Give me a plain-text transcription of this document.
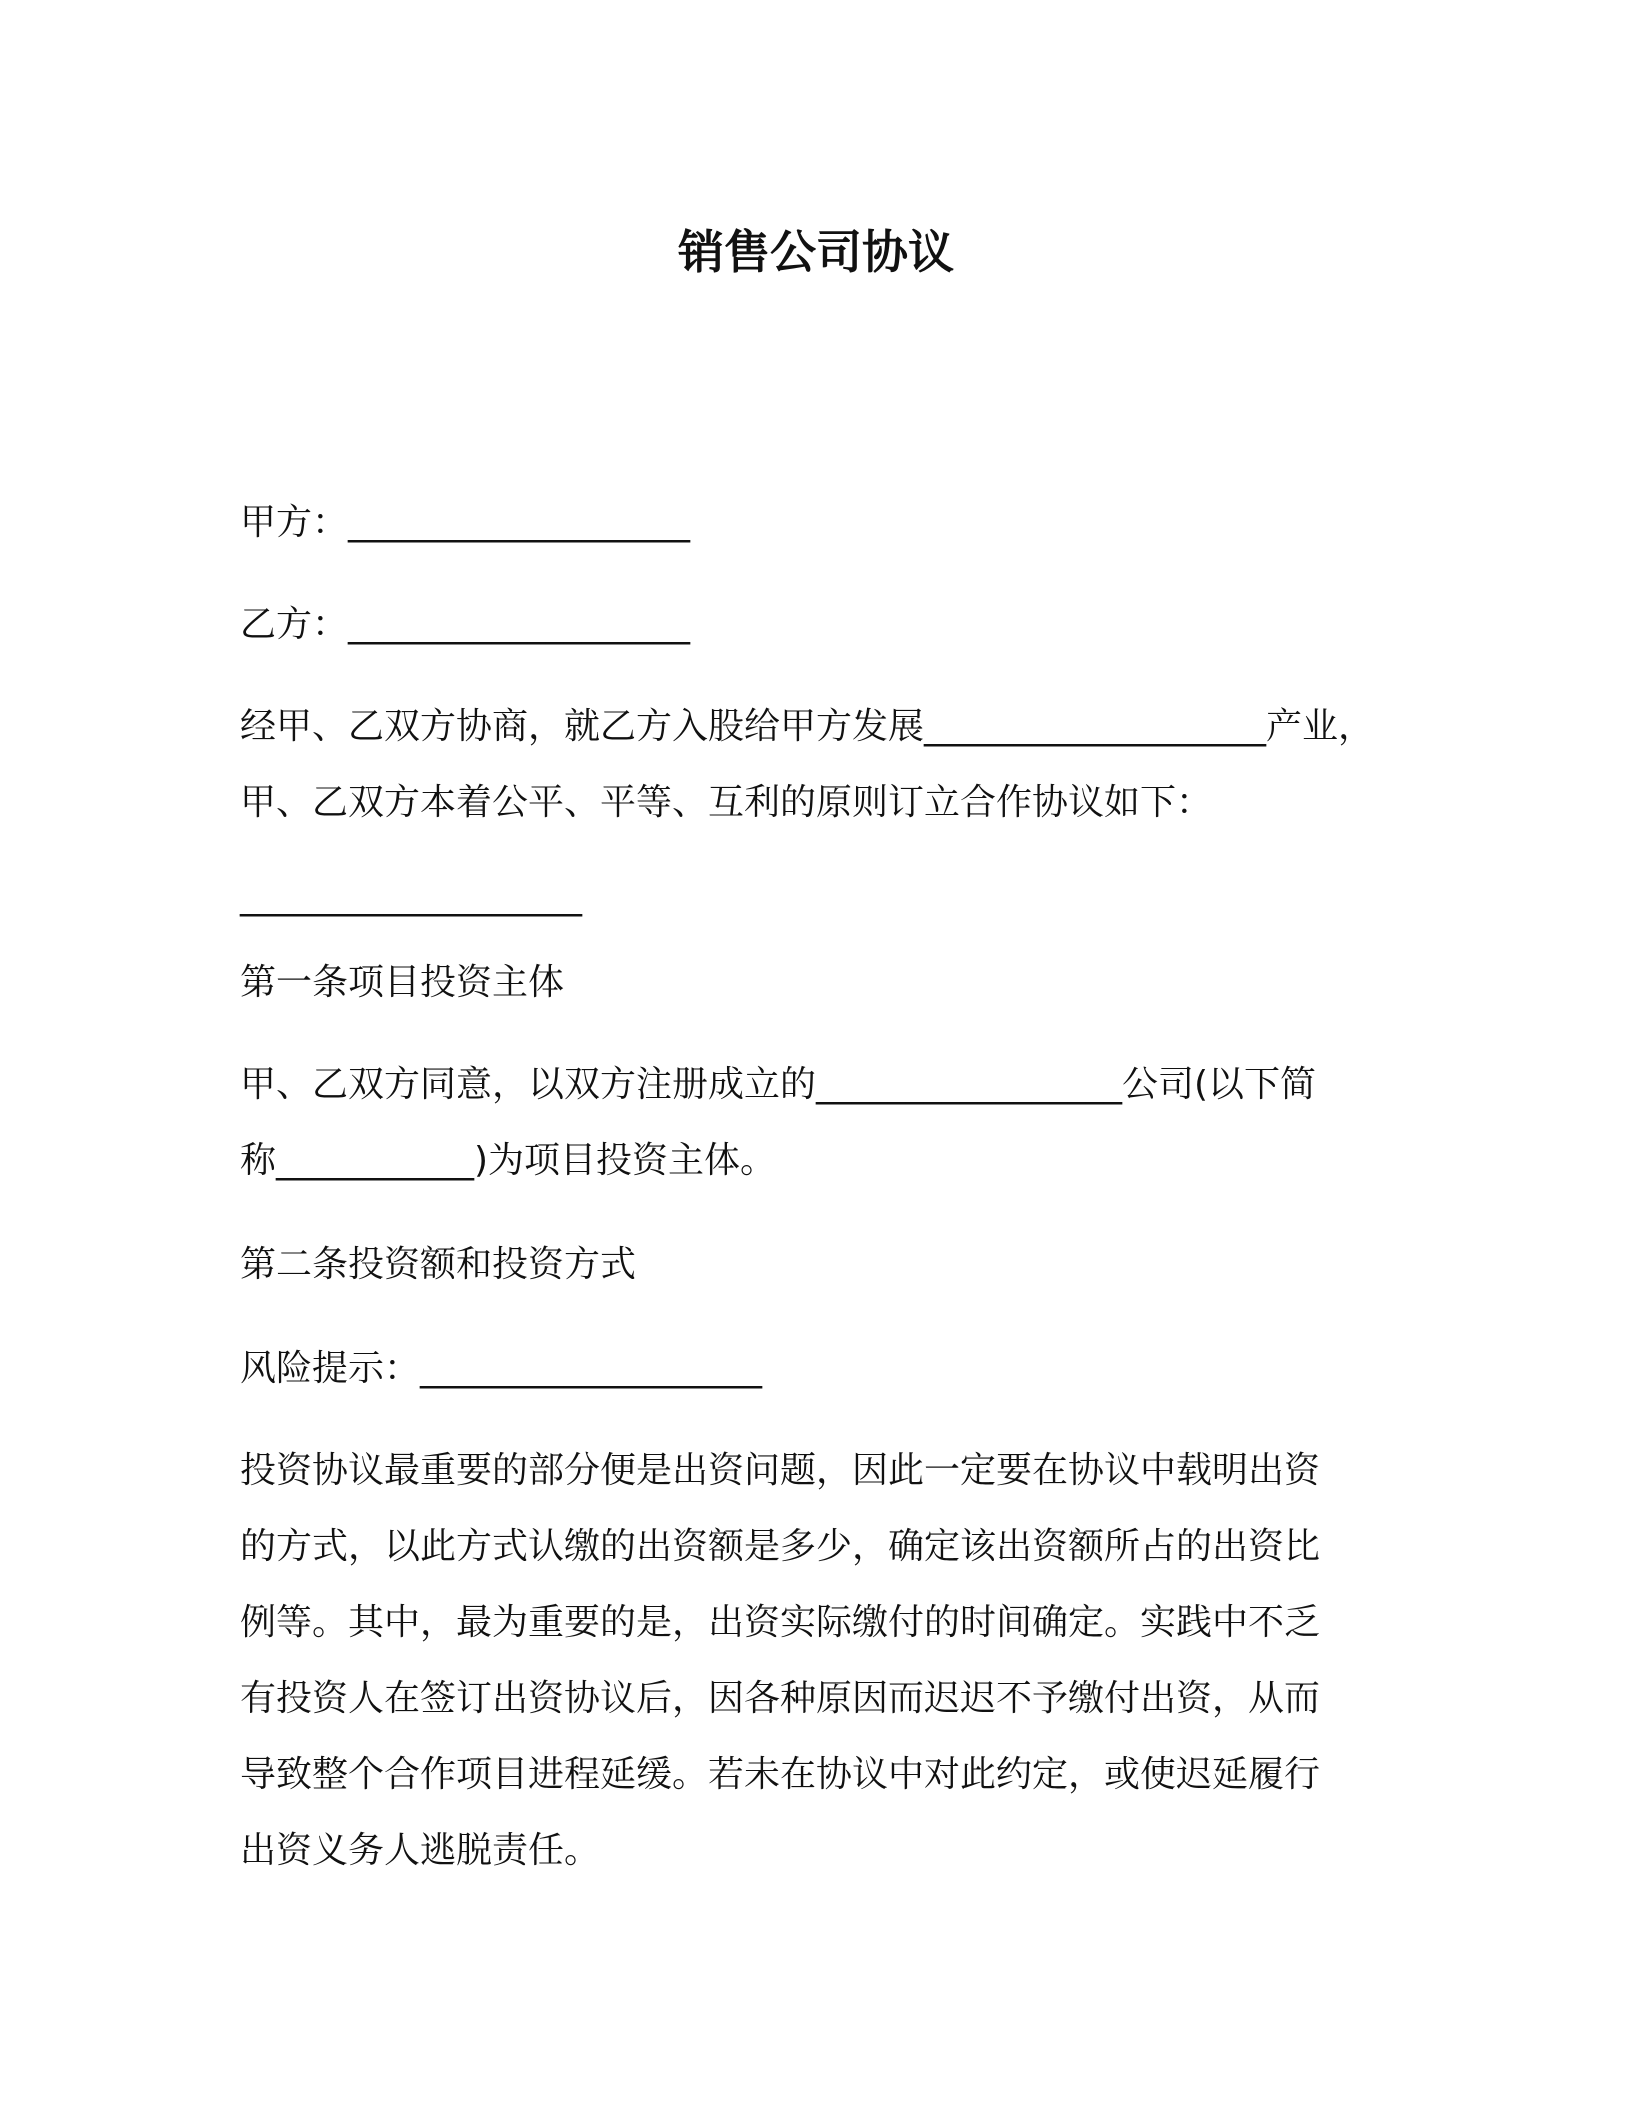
销售公司协议
甲方：___________________
乙方：___________________
经甲、乙双方协商，就乙方入股给甲方发展___________________产业，
甲、乙双方本着公平、平等、互利的原则订立合作协议如下：
___________________
第一条项目投资主体
甲、乙双方同意，以双方注册成立的_________________公司(以下简
称___________)为项目投资主体。
第二条投资额和投资方式
风险提示：___________________
投资协议最重要的部分便是出资问题，因此一定要在协议中载明出资
的方式，以此方式认缴的出资额是多少，确定该出资额所占的出资比
例等。其中，最为重要的是，出资实际缴付的时间确定。实践中不乏
有投资人在签订出资协议后，因各种原因而迟迟不予缴付出资，从而
导致整个合作项目进程延缓。若未在协议中对此约定，或使迟延履行
出资义务人逃脱责任。
